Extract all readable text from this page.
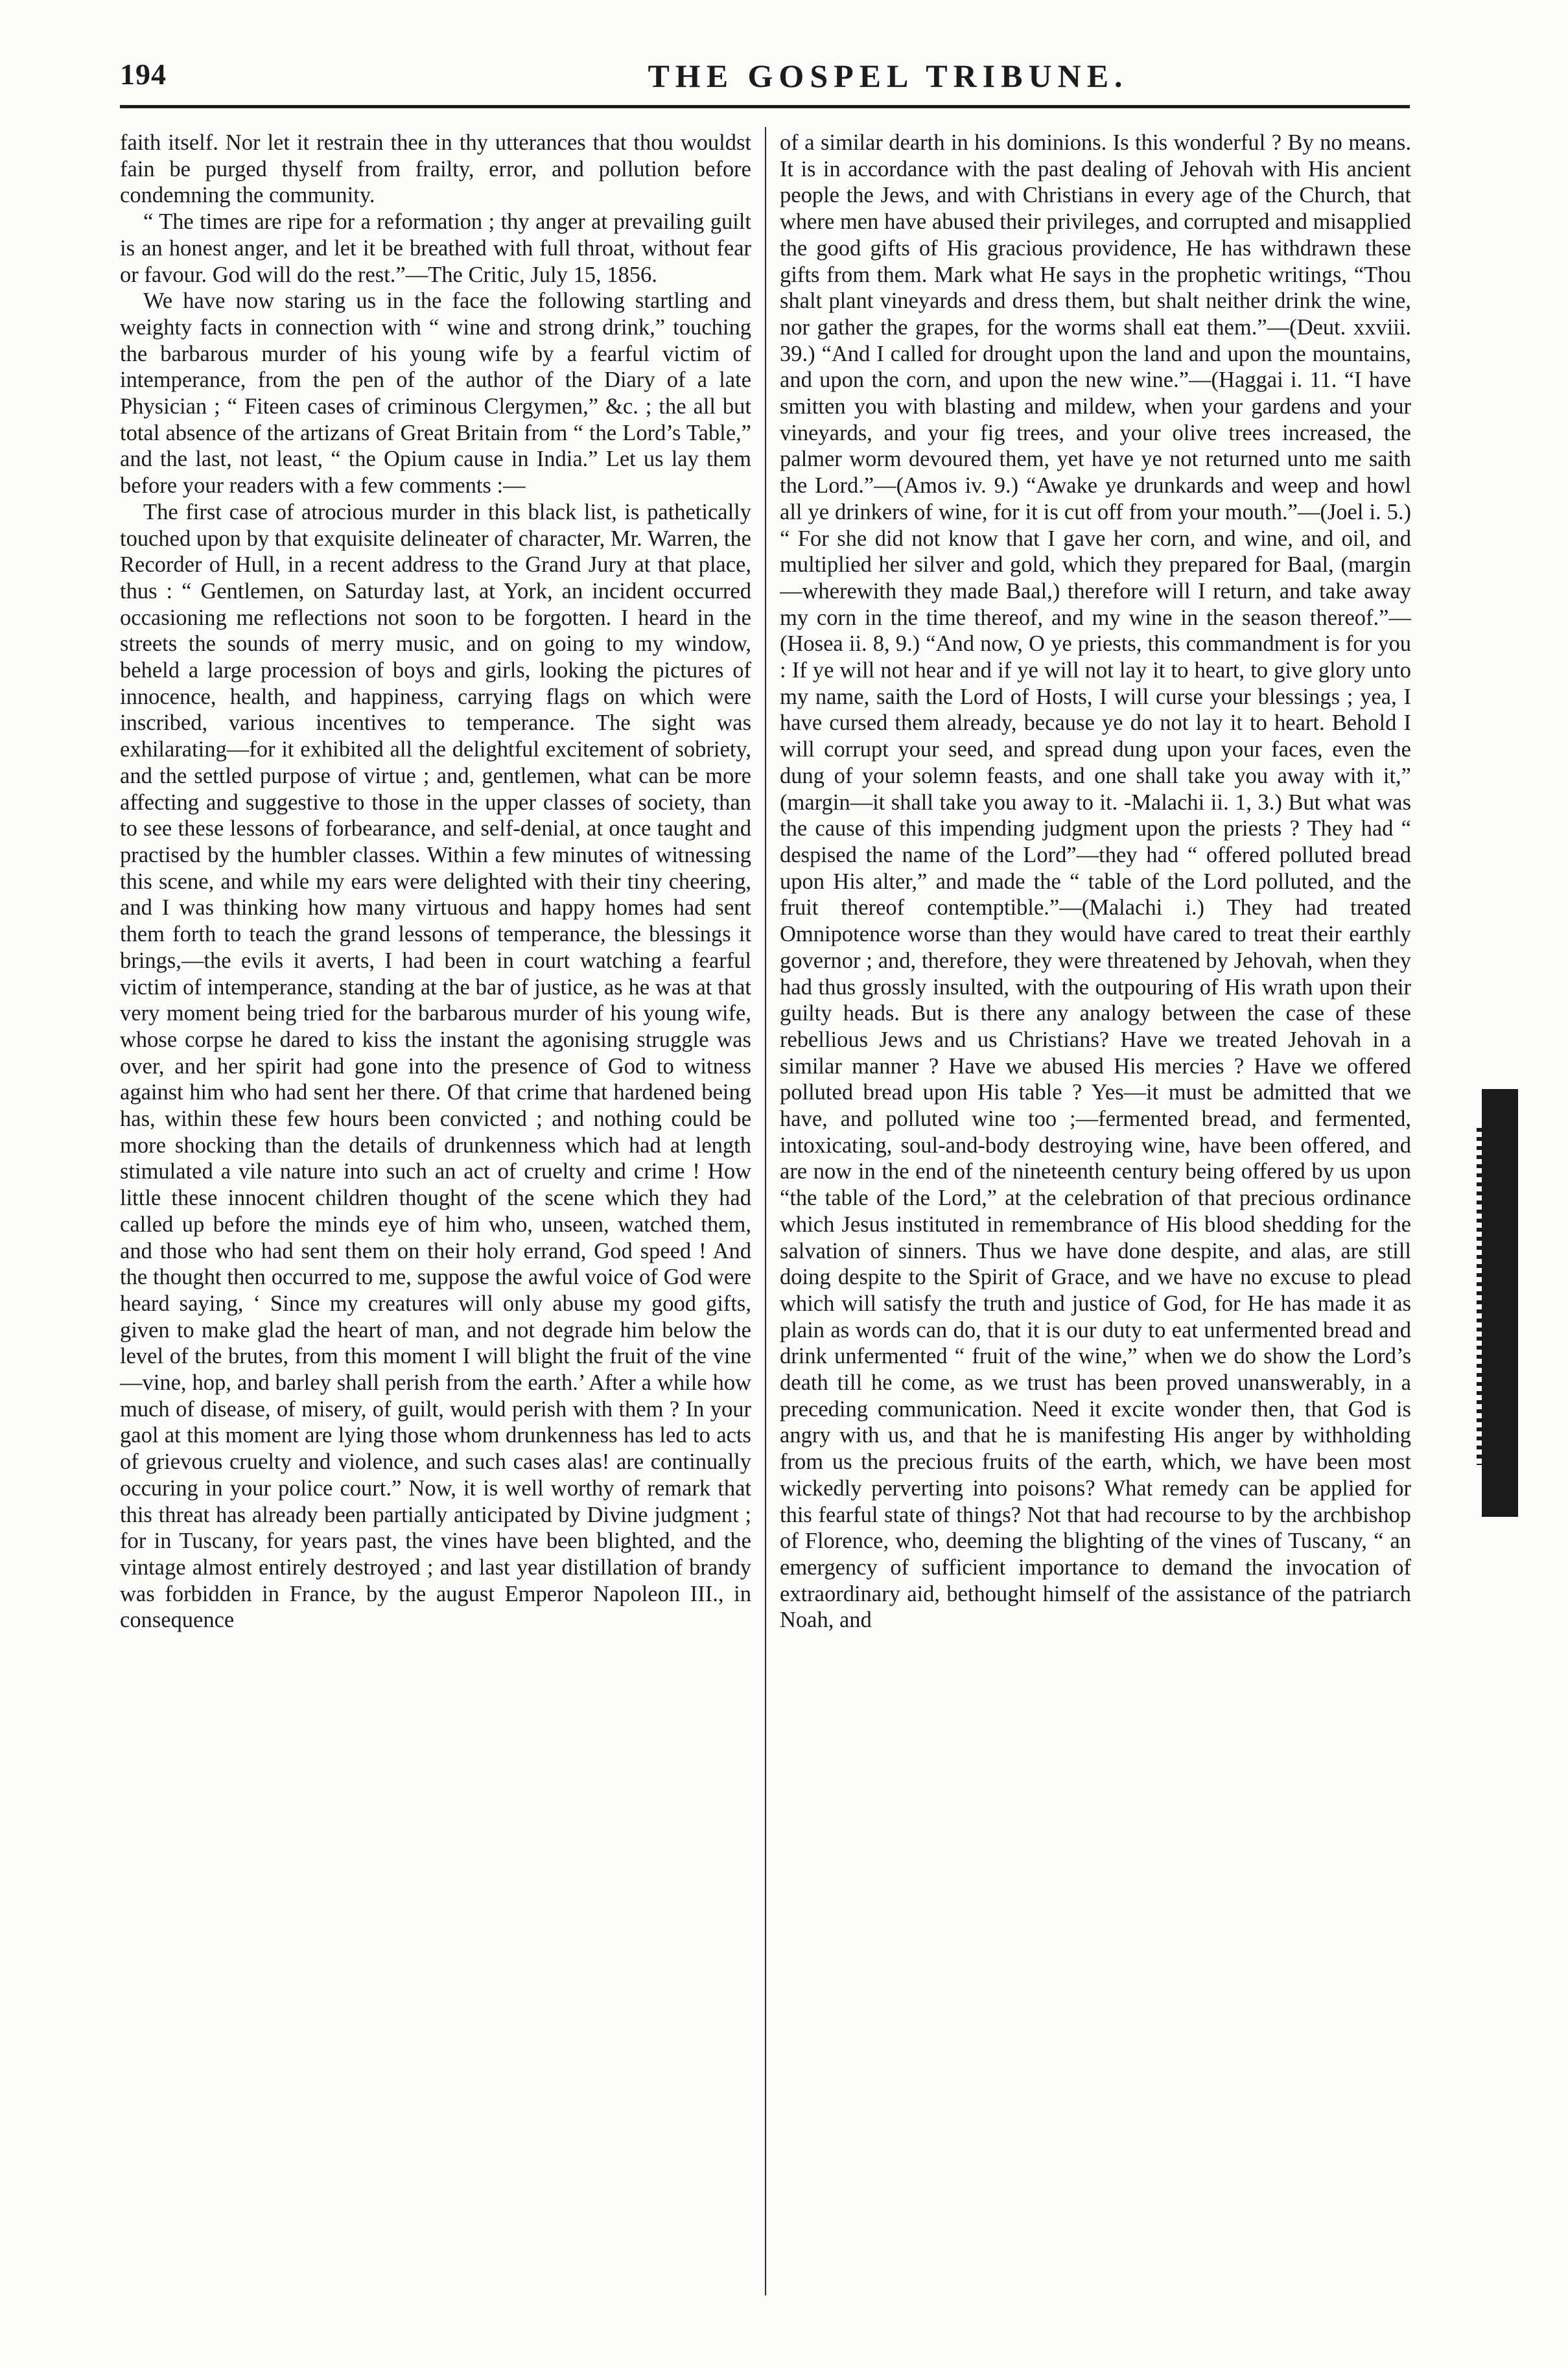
194	THE GOSPEL TRIBUNE.

faith itself. Nor let it restrain thee in thy utterances that thou wouldst fain be purged thyself from frailty, error, and pollution before condemning the community.

“ The times are ripe for a reformation ; thy anger at prevailing guilt is an honest anger, and let it be breathed with full throat, without fear or favour. God will do the rest.”—The Critic, July 15, 1856.

We have now staring us in the face the following startling and weighty facts in connection with “ wine and strong drink,” touching the barbarous murder of his young wife by a fearful victim of intemperance, from the pen of the author of the Diary of a late Physician ; “ Fiteen cases of criminous Clergymen,” &c. ; the all but total absence of the artizans of Great Britain from “ the Lord’s Table,” and the last, not least, “ the Opium cause in India.” Let us lay them before your readers with a few comments :—

The first case of atrocious murder in this black list, is pathetically touched upon by that exquisite delineater of character, Mr. Warren, the Recorder of Hull, in a recent address to the Grand Jury at that place, thus : “ Gentlemen, on Saturday last, at York, an incident occurred occasioning me reflections not soon to be forgotten. I heard in the streets the sounds of merry music, and on going to my window, beheld a large procession of boys and girls, looking the pictures of innocence, health, and happiness, carrying flags on which were inscribed, various incentives to temperance. The sight was exhilarating—for it exhibited all the delightful excitement of sobriety, and the settled purpose of virtue ; and, gentlemen, what can be more affecting and suggestive to those in the upper classes of society, than to see these lessons of forbearance, and self-denial, at once taught and practised by the humbler classes. Within a few minutes of witnessing this scene, and while my ears were delighted with their tiny cheering, and I was thinking how many virtuous and happy homes had sent them forth to teach the grand lessons of temperance, the blessings it brings,—the evils it averts, I had been in court watching a fearful victim of intemperance, standing at the bar of justice, as he was at that very moment being tried for the barbarous murder of his young wife, whose corpse he dared to kiss the instant the agonising struggle was over, and her spirit had gone into the presence of God to witness against him who had sent her there. Of that crime that hardened being has, within these few hours been convicted ; and nothing could be more shocking than the details of drunkenness which had at length stimulated a vile nature into such an act of cruelty and crime ! How little these innocent children thought of the scene which they had called up before the minds eye of him who, unseen, watched them, and those who had sent them on their holy errand, God speed ! And the thought then occurred to me, suppose the awful voice of God were heard saying, ‘ Since my creatures will only abuse my good gifts, given to make glad the heart of man, and not degrade him below the level of the brutes, from this moment I will blight the fruit of the vine—vine, hop, and barley shall perish from the earth.’ After a while how much of disease, of misery, of guilt, would perish with them ? In your gaol at this moment are lying those whom drunkenness has led to acts of grievous cruelty and violence, and such cases alas! are continually occuring in your police court.” Now, it is well worthy of remark that this threat has already been partially anticipated by Divine judgment ; for in Tuscany, for years past, the vines have been blighted, and the vintage almost entirely destroyed ; and last year distillation of brandy was forbidden in France, by the august Emperor Napoleon III., in consequence

of a similar dearth in his dominions. Is this wonderful ? By no means. It is in accordance with the past dealing of Jehovah with His ancient people the Jews, and with Christians in every age of the Church, that where men have abused their privileges, and corrupted and misapplied the good gifts of His gracious providence, He has withdrawn these gifts from them. Mark what He says in the prophetic writings, “Thou shalt plant vineyards and dress them, but shalt neither drink the wine, nor gather the grapes, for the worms shall eat them.”—(Deut. xxviii. 39.) “And I called for drought upon the land and upon the mountains, and upon the corn, and upon the new wine.”—(Haggai i. 11. “I have smitten you with blasting and mildew, when your gardens and your vineyards, and your fig trees, and your olive trees increased, the palmer worm devoured them, yet have ye not returned unto me saith the Lord.”—(Amos iv. 9.) “Awake ye drunkards and weep and howl all ye drinkers of wine, for it is cut off from your mouth.”—(Joel i. 5.) “ For she did not know that I gave her corn, and wine, and oil, and multiplied her silver and gold, which they prepared for Baal, (margin—wherewith they made Baal,) therefore will I return, and take away my corn in the time thereof, and my wine in the season thereof.”—(Hosea ii. 8, 9.) “And now, O ye priests, this commandment is for you : If ye will not hear and if ye will not lay it to heart, to give glory unto my name, saith the Lord of Hosts, I will curse your blessings ; yea, I have cursed them already, because ye do not lay it to heart. Behold I will corrupt your seed, and spread dung upon your faces, even the dung of your solemn feasts, and one shall take you away with it,” (margin—it shall take you away to it. -Malachi ii. 1, 3.) But what was the cause of this impending judgment upon the priests ? They had “ despised the name of the Lord”—they had “ offered polluted bread upon His alter,” and made the “ table of the Lord polluted, and the fruit thereof contemptible.”—(Malachi i.) They had treated Omnipotence worse than they would have cared to treat their earthly governor ; and, therefore, they were threatened by Jehovah, when they had thus grossly insulted, with the outpouring of His wrath upon their guilty heads. But is there any analogy between the case of these rebellious Jews and us Christians? Have we treated Jehovah in a similar manner ? Have we abused His mercies ? Have we offered polluted bread upon His table ? Yes—it must be admitted that we have, and polluted wine too ;—fermented bread, and fermented, intoxicating, soul-and-body destroying wine, have been offered, and are now in the end of the nineteenth century being offered by us upon “the table of the Lord,” at the celebration of that precious ordinance which Jesus instituted in remembrance of His blood shedding for the salvation of sinners. Thus we have done despite, and alas, are still doing despite to the Spirit of Grace, and we have no excuse to plead which will satisfy the truth and justice of God, for He has made it as plain as words can do, that it is our duty to eat unfermented bread and drink unfermented “ fruit of the wine,” when we do show the Lord’s death till he come, as we trust has been proved unanswerably, in a preceding communication. Need it excite wonder then, that God is angry with us, and that he is manifesting His anger by withholding from us the precious fruits of the earth, which, we have been most wickedly perverting into poisons? What remedy can be applied for this fearful state of things? Not that had recourse to by the archbishop of Florence, who, deeming the blighting of the vines of Tuscany, “ an emergency of sufficient importance to demand the invocation of extraordinary aid, bethought himself of the assistance of the patriarch Noah, and
